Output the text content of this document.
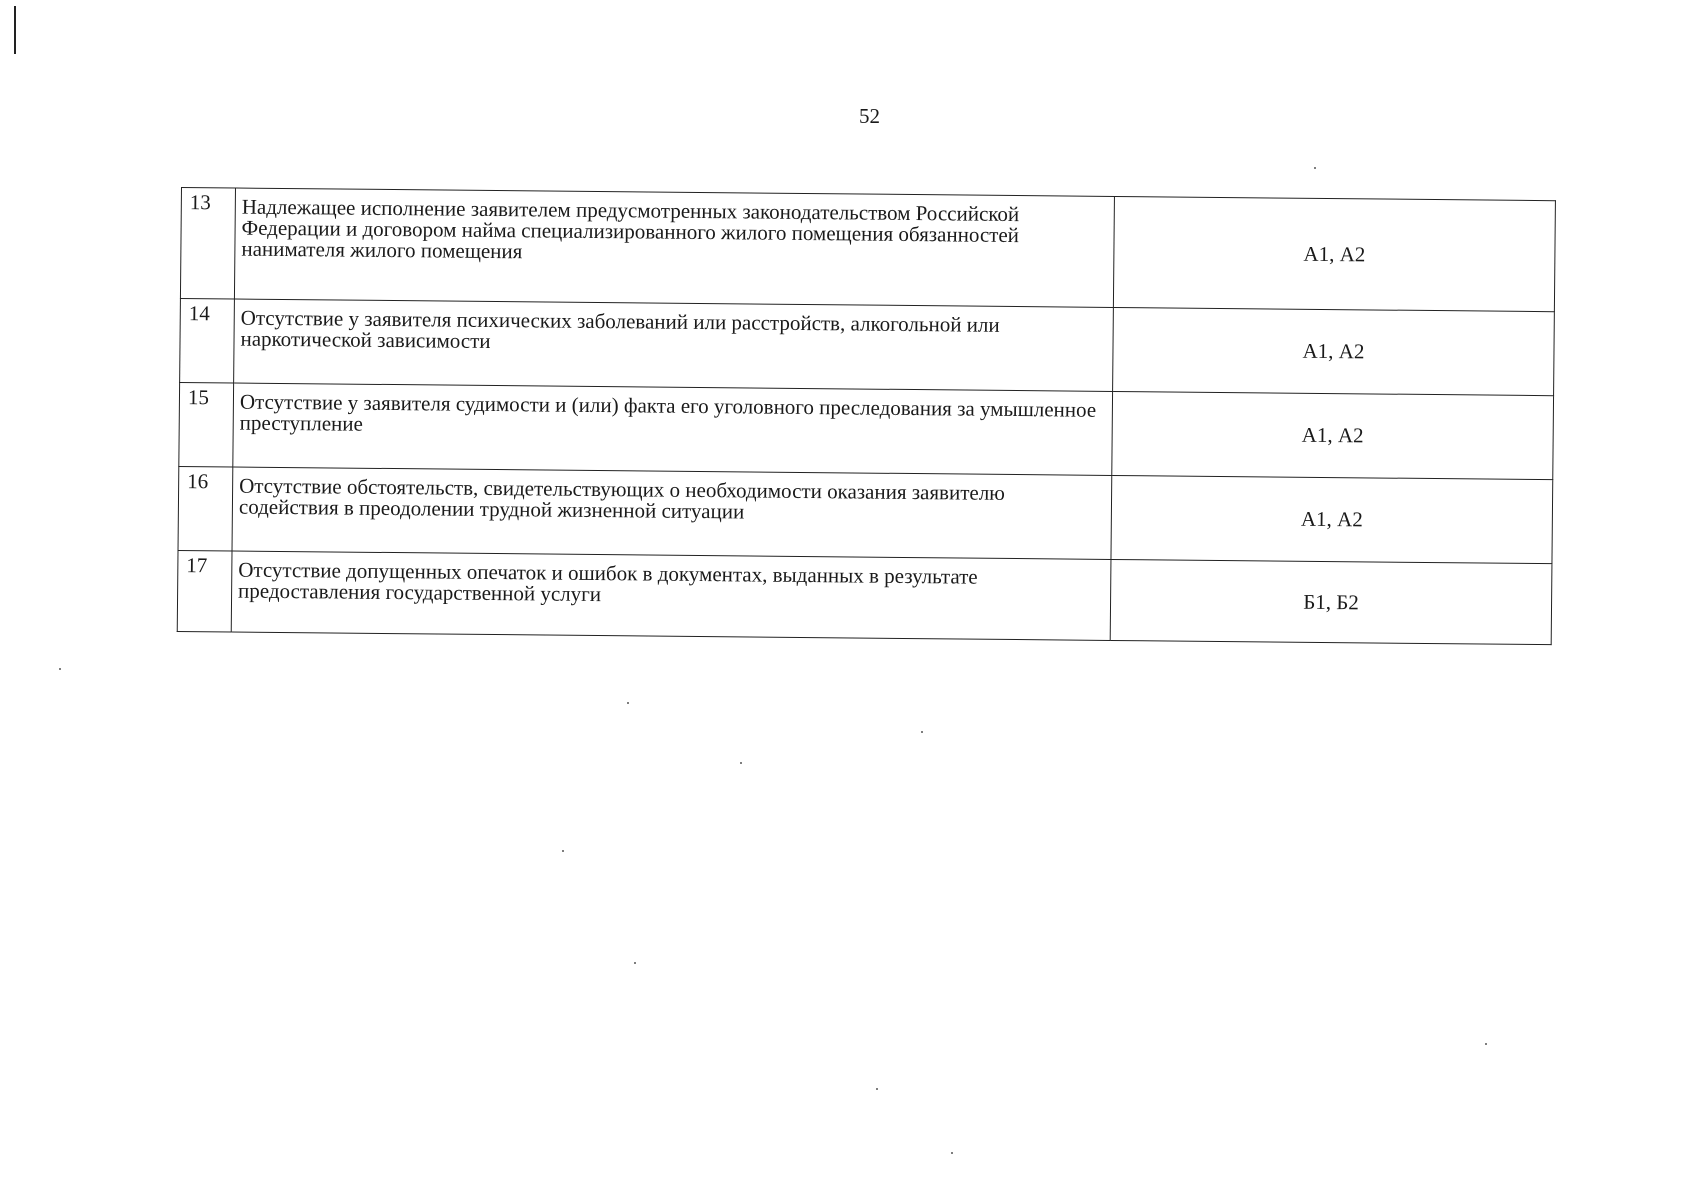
52
13	Надлежащее исполнение заявителем предусмотренных законодательством Российской Федерации и договором найма специализированного жилого помещения обязанностей нанимателя жилого помещения	А1, А2
14	Отсутствие у заявителя психических заболеваний или расстройств, алкогольной или наркотической зависимости	А1, А2
15	Отсутствие у заявителя судимости и (или) факта его уголовного преследования за умышленное преступление	А1, А2
16	Отсутствие обстоятельств, свидетельствующих о необходимости оказания заявителю содействия в преодолении трудной жизненной ситуации	А1, А2
17	Отсутствие допущенных опечаток и ошибок в документах, выданных в результате предоставления государственной услуги	Б1, Б2
